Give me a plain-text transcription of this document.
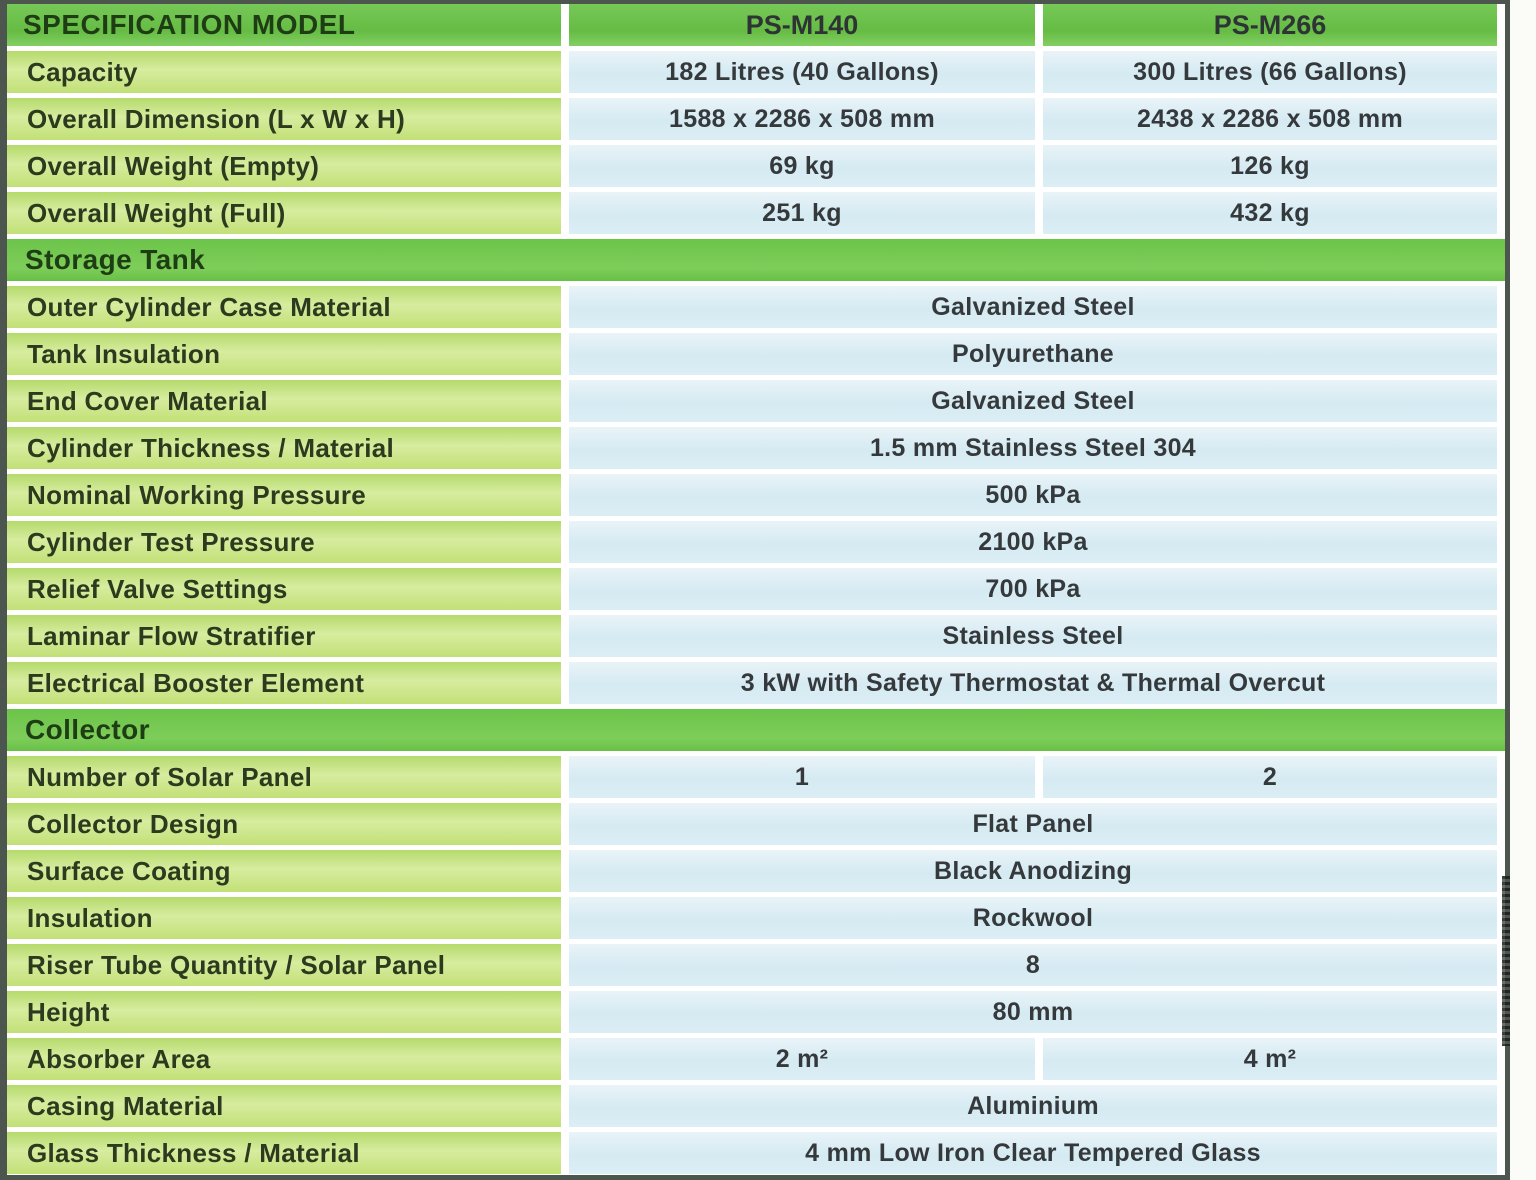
SPECIFICATION MODEL	PS-M140	PS-M266
Capacity	182 Litres (40 Gallons)	300 Litres (66 Gallons)
Overall Dimension (L x W x H)	1588 x 2286 x 508 mm	2438 x 2286 x 508 mm
Overall Weight (Empty)	69 kg	126 kg
Overall Weight (Full)	251 kg	432 kg
Storage Tank
Outer Cylinder Case Material	Galvanized Steel
Tank Insulation	Polyurethane
End Cover Material	Galvanized Steel
Cylinder Thickness / Material	1.5 mm Stainless Steel 304
Nominal Working Pressure	500 kPa
Cylinder Test Pressure	2100 kPa
Relief Valve Settings	700 kPa
Laminar Flow Stratifier	Stainless Steel
Electrical Booster Element	3 kW with Safety Thermostat & Thermal Overcut
Collector
Number of Solar Panel	1	2
Collector Design	Flat Panel
Surface Coating	Black Anodizing
Insulation	Rockwool
Riser Tube Quantity / Solar Panel	8
Height	80 mm
Absorber Area	2 m²	4 m²
Casing Material	Aluminium
Glass Thickness / Material	4 mm Low Iron Clear Tempered Glass
